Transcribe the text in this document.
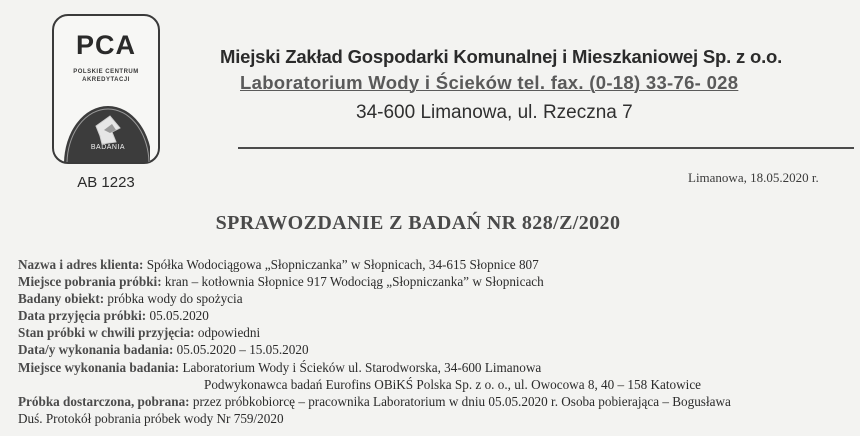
PCA
POLSKIE CENTRUM
AKREDYTACJI
BADANIA
AB 1223
Miejski Zakład Gospodarki Komunalnej i Mieszkaniowej Sp. z o.o.
Laboratorium Wody i Ścieków tel. fax. (0-18) 33-76- 028
34-600 Limanowa, ul. Rzeczna 7
Limanowa, 18.05.2020 r.
SPRAWOZDANIE Z BADAŃ NR 828/Z/2020
Nazwa i adres klienta: Spółka Wodociągowa „Słopniczanka” w Słopnicach, 34-615 Słopnice 807
Miejsce pobrania próbki: kran – kotłownia Słopnice 917 Wodociąg „Słopniczanka” w Słopnicach
Badany obiekt: próbka wody do spożycia
Data przyjęcia próbki: 05.05.2020
Stan próbki w chwili przyjęcia: odpowiedni
Data/y wykonania badania: 05.05.2020 – 15.05.2020
Miejsce wykonania badania: Laboratorium Wody i Ścieków ul. Starodworska, 34-600 Limanowa
Podwykonawca badań Eurofins OBiKŚ Polska Sp. z o. o., ul. Owocowa 8, 40 – 158 Katowice
Próbka dostarczona, pobrana: przez próbkobiorcę – pracownika Laboratorium w dniu 05.05.2020 r. Osoba pobierająca – Bogusława
Duś. Protokół pobrania próbek wody Nr 759/2020
